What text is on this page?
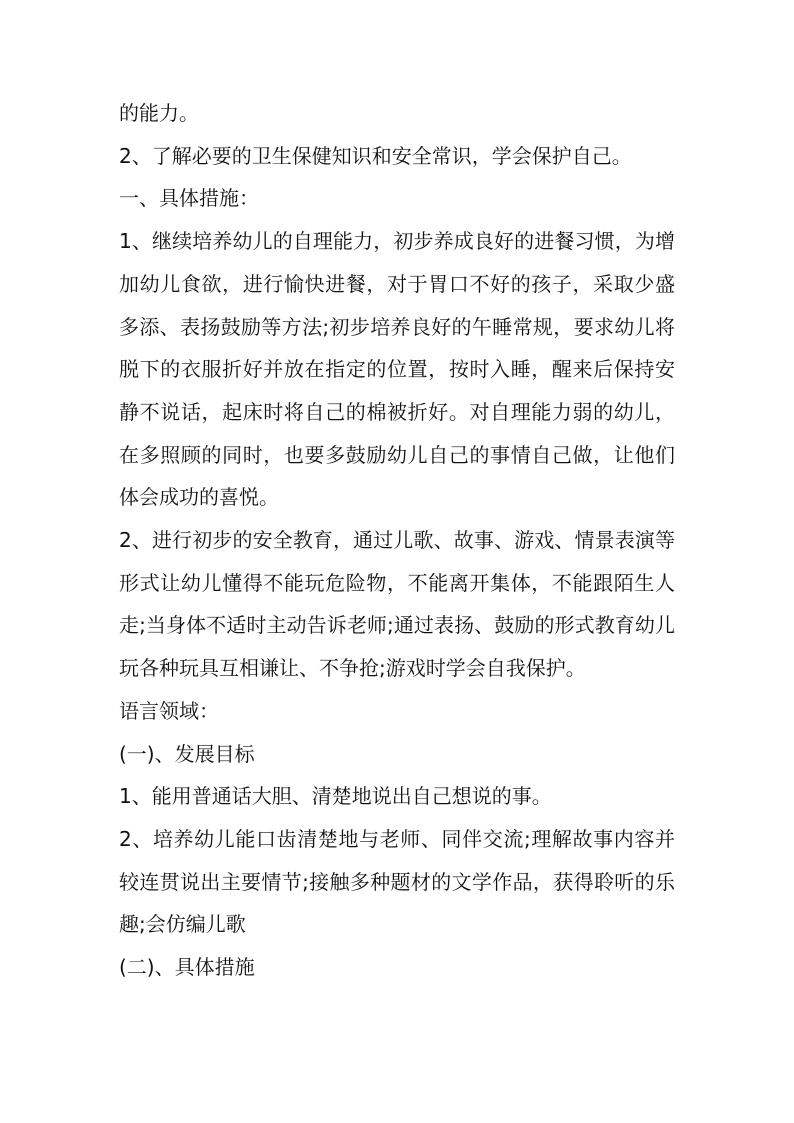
的能力。

2、了解必要的卫生保健知识和安全常识，学会保护自己。

一、具体措施：

1、继续培养幼儿的自理能力，初步养成良好的进餐习惯，为增加幼儿食欲，进行愉快进餐，对于胃口不好的孩子，采取少盛多添、表扬鼓励等方法;初步培养良好的午睡常规，要求幼儿将脱下的衣服折好并放在指定的位置，按时入睡，醒来后保持安静不说话，起床时将自己的棉被折好。对自理能力弱的幼儿，在多照顾的同时，也要多鼓励幼儿自己的事情自己做，让他们体会成功的喜悦。

2、进行初步的安全教育，通过儿歌、故事、游戏、情景表演等形式让幼儿懂得不能玩危险物，不能离开集体，不能跟陌生人走;当身体不适时主动告诉老师;通过表扬、鼓励的形式教育幼儿玩各种玩具互相谦让、不争抢;游戏时学会自我保护。

语言领域：

(一)、发展目标

1、能用普通话大胆、清楚地说出自己想说的事。

2、培养幼儿能口齿清楚地与老师、同伴交流;理解故事内容并较连贯说出主要情节;接触多种题材的文学作品，获得聆听的乐趣;会仿编儿歌

(二)、具体措施
